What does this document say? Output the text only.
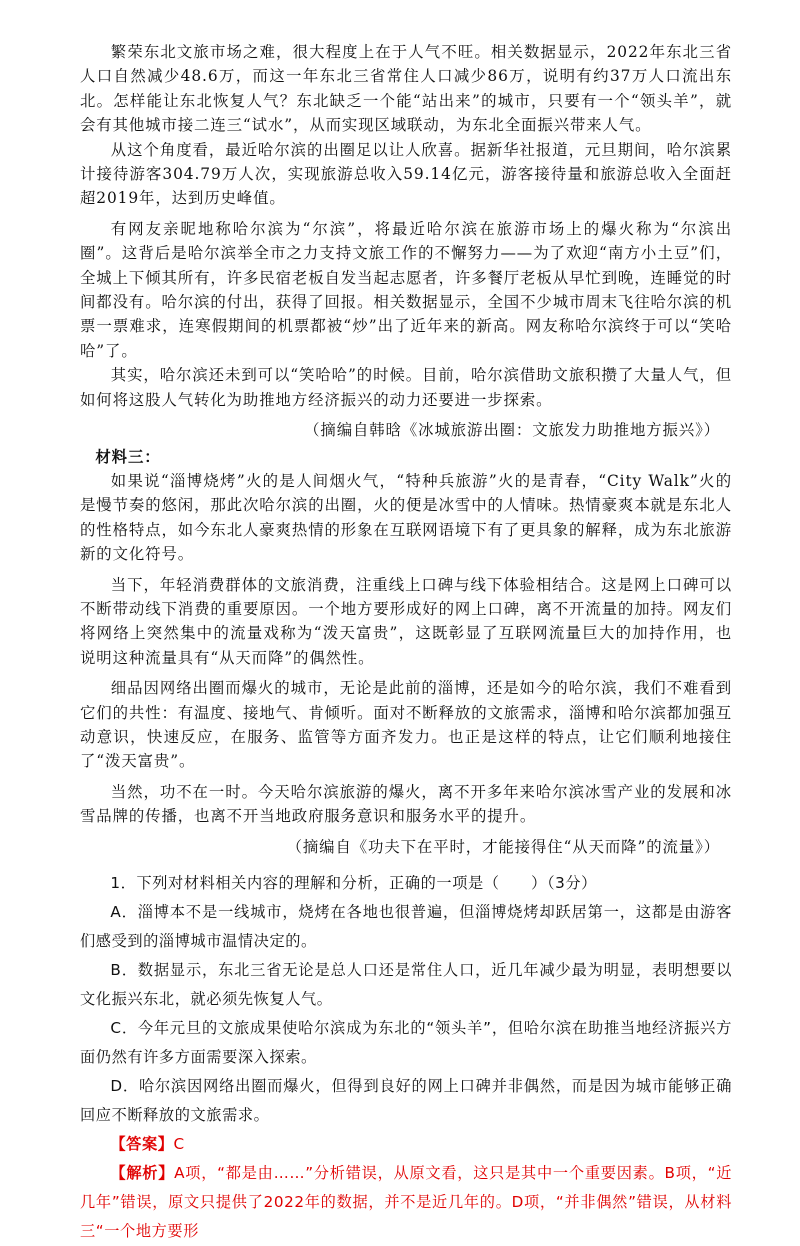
繁荣东北文旅市场之难，很大程度上在于人气不旺。相关数据显示，2022年东北三省人口自然减少48.6万，而这一年东北三省常住人口减少86万，说明有约37万人口流出东北。怎样能让东北恢复人气？东北缺乏一个能“站出来”的城市，只要有一个“领头羊”，就会有其他城市接二连三“试水”，从而实现区域联动，为东北全面振兴带来人气。

从这个角度看，最近哈尔滨的出圈足以让人欣喜。据新华社报道，元旦期间，哈尔滨累计接待游客304.79万人次，实现旅游总收入59.14亿元，游客接待量和旅游总收入全面赶超2019年，达到历史峰值。

有网友亲昵地称哈尔滨为“尔滨”，将最近哈尔滨在旅游市场上的爆火称为“尔滨出圈”。这背后是哈尔滨举全市之力支持文旅工作的不懈努力——为了欢迎“南方小土豆”们，全城上下倾其所有，许多民宿老板自发当起志愿者，许多餐厅老板从早忙到晚，连睡觉的时间都没有。哈尔滨的付出，获得了回报。相关数据显示，全国不少城市周末飞往哈尔滨的机票一票难求，连寒假期间的机票都被“炒”出了近年来的新高。网友称哈尔滨终于可以“笑哈哈”了。

其实，哈尔滨还未到可以“笑哈哈”的时候。目前，哈尔滨借助文旅积攒了大量人气，但如何将这股人气转化为助推地方经济振兴的动力还要进一步探索。

（摘编自韩晗《冰城旅游出圈：文旅发力助推地方振兴》）

材料三：

如果说“淄博烧烤”火的是人间烟火气，“特种兵旅游”火的是青春，“City Walk”火的是慢节奏的悠闲，那此次哈尔滨的出圈，火的便是冰雪中的人情味。热情豪爽本就是东北人的性格特点，如今东北人豪爽热情的形象在互联网语境下有了更具象的解释，成为东北旅游新的文化符号。

当下，年轻消费群体的文旅消费，注重线上口碑与线下体验相结合。这是网上口碑可以不断带动线下消费的重要原因。一个地方要形成好的网上口碑，离不开流量的加持。网友们将网络上突然集中的流量戏称为“泼天富贵”，这既彰显了互联网流量巨大的加持作用，也说明这种流量具有“从天而降”的偶然性。

细品因网络出圈而爆火的城市，无论是此前的淄博，还是如今的哈尔滨，我们不难看到它们的共性：有温度、接地气、肯倾听。面对不断释放的文旅需求，淄博和哈尔滨都加强互动意识，快速反应，在服务、监管等方面齐发力。也正是这样的特点，让它们顺利地接住了“泼天富贵”。

当然，功不在一时。今天哈尔滨旅游的爆火，离不开多年来哈尔滨冰雪产业的发展和冰雪品牌的传播，也离不开当地政府服务意识和服务水平的提升。

（摘编自《功夫下在平时，才能接得住“从天而降”的流量》）

1．下列对材料相关内容的理解和分析，正确的一项是（　　）（3分）

A．淄博本不是一线城市，烧烤在各地也很普遍，但淄博烧烤却跃居第一，这都是由游客们感受到的淄博城市温情决定的。

B．数据显示，东北三省无论是总人口还是常住人口，近几年减少最为明显，表明想要以文化振兴东北，就必须先恢复人气。

C．今年元旦的文旅成果使哈尔滨成为东北的“领头羊”，但哈尔滨在助推当地经济振兴方面仍然有许多方面需要深入探索。

D．哈尔滨因网络出圈而爆火，但得到良好的网上口碑并非偶然，而是因为城市能够正确回应不断释放的文旅需求。

【答案】C

【解析】A项，“都是由……”分析错误，从原文看，这只是其中一个重要因素。B项，“近几年”错误，原文只提供了2022年的数据，并不是近几年的。D项，“并非偶然”错误，从材料三“一个地方要形
